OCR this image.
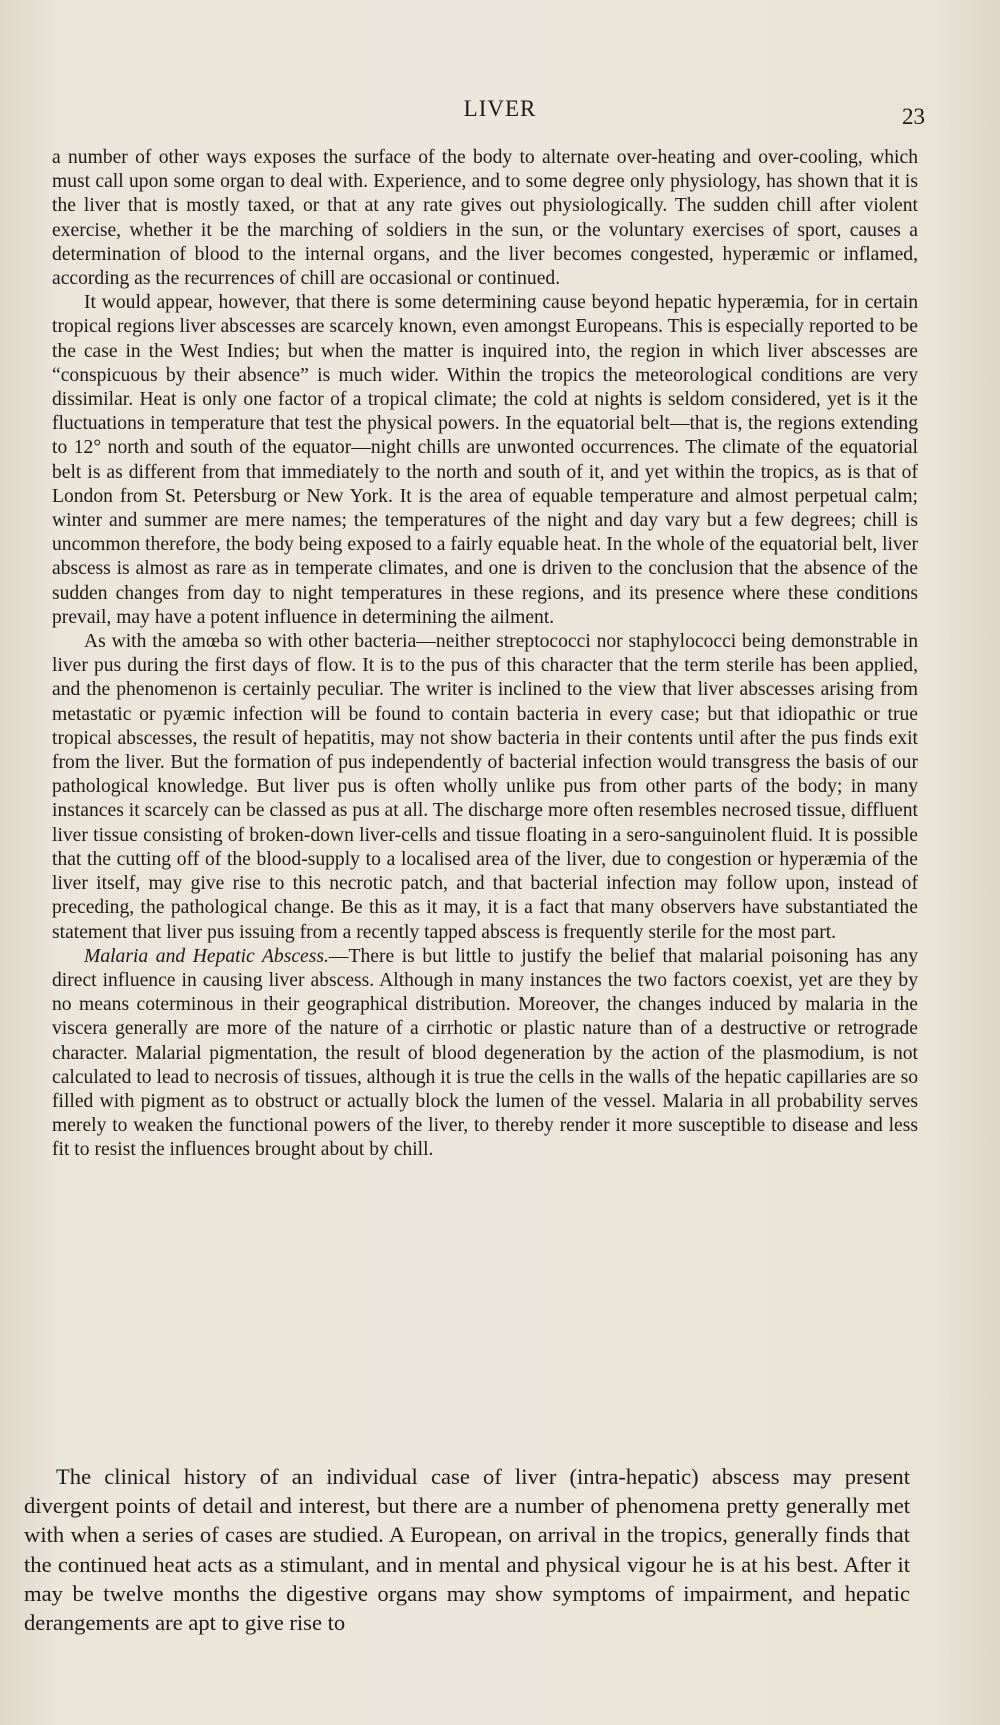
LIVER	23

a number of other ways exposes the surface of the body to alternate over-heating and over-cooling, which must call upon some organ to deal with. Experience, and to some degree only physiology, has shown that it is the liver that is mostly taxed, or that at any rate gives out physiologically. The sudden chill after violent exercise, whether it be the marching of soldiers in the sun, or the voluntary exercises of sport, causes a determination of blood to the internal organs, and the liver becomes congested, hyperæmic or inflamed, according as the recurrences of chill are occasional or continued.

It would appear, however, that there is some determining cause beyond hepatic hyperæmia, for in certain tropical regions liver abscesses are scarcely known, even amongst Europeans. This is especially reported to be the case in the West Indies; but when the matter is inquired into, the region in which liver abscesses are “conspicuous by their absence” is much wider. Within the tropics the meteorological conditions are very dissimilar. Heat is only one factor of a tropical climate; the cold at nights is seldom considered, yet is it the fluctuations in temperature that test the physical powers. In the equatorial belt—that is, the regions extending to 12° north and south of the equator—night chills are unwonted occurrences. The climate of the equatorial belt is as different from that immediately to the north and south of it, and yet within the tropics, as is that of London from St. Petersburg or New York. It is the area of equable temperature and almost perpetual calm; winter and summer are mere names; the temperatures of the night and day vary but a few degrees; chill is uncommon therefore, the body being exposed to a fairly equable heat. In the whole of the equatorial belt, liver abscess is almost as rare as in temperate climates, and one is driven to the conclusion that the absence of the sudden changes from day to night temperatures in these regions, and its presence where these conditions prevail, may have a potent influence in determining the ailment.

As with the amœba so with other bacteria—neither streptococci nor staphylococci being demonstrable in liver pus during the first days of flow. It is to the pus of this character that the term sterile has been applied, and the phenomenon is certainly peculiar. The writer is inclined to the view that liver abscesses arising from metastatic or pyæmic infection will be found to contain bacteria in every case; but that idiopathic or true tropical abscesses, the result of hepatitis, may not show bacteria in their contents until after the pus finds exit from the liver. But the formation of pus independently of bacterial infection would transgress the basis of our pathological knowledge. But liver pus is often wholly unlike pus from other parts of the body; in many instances it scarcely can be classed as pus at all. The discharge more often resembles necrosed tissue, diffluent liver tissue consisting of broken-down liver-cells and tissue floating in a sero-sanguinolent fluid. It is possible that the cutting off of the blood-supply to a localised area of the liver, due to congestion or hyperæmia of the liver itself, may give rise to this necrotic patch, and that bacterial infection may follow upon, instead of preceding, the pathological change. Be this as it may, it is a fact that many observers have substantiated the statement that liver pus issuing from a recently tapped abscess is frequently sterile for the most part.

Malaria and Hepatic Abscess.—There is but little to justify the belief that malarial poisoning has any direct influence in causing liver abscess. Although in many instances the two factors coexist, yet are they by no means coterminous in their geographical distribution. Moreover, the changes induced by malaria in the viscera generally are more of the nature of a cirrhotic or plastic nature than of a destructive or retrograde character. Malarial pigmentation, the result of blood degeneration by the action of the plasmodium, is not calculated to lead to necrosis of tissues, although it is true the cells in the walls of the hepatic capillaries are so filled with pigment as to obstruct or actually block the lumen of the vessel. Malaria in all probability serves merely to weaken the functional powers of the liver, to thereby render it more susceptible to disease and less fit to resist the influences brought about by chill.

The clinical history of an individual case of liver (intra-hepatic) abscess may present divergent points of detail and interest, but there are a number of phenomena pretty generally met with when a series of cases are studied. A European, on arrival in the tropics, generally finds that the continued heat acts as a stimulant, and in mental and physical vigour he is at his best. After it may be twelve months the digestive organs may show symptoms of impairment, and hepatic derangements are apt to give rise to
